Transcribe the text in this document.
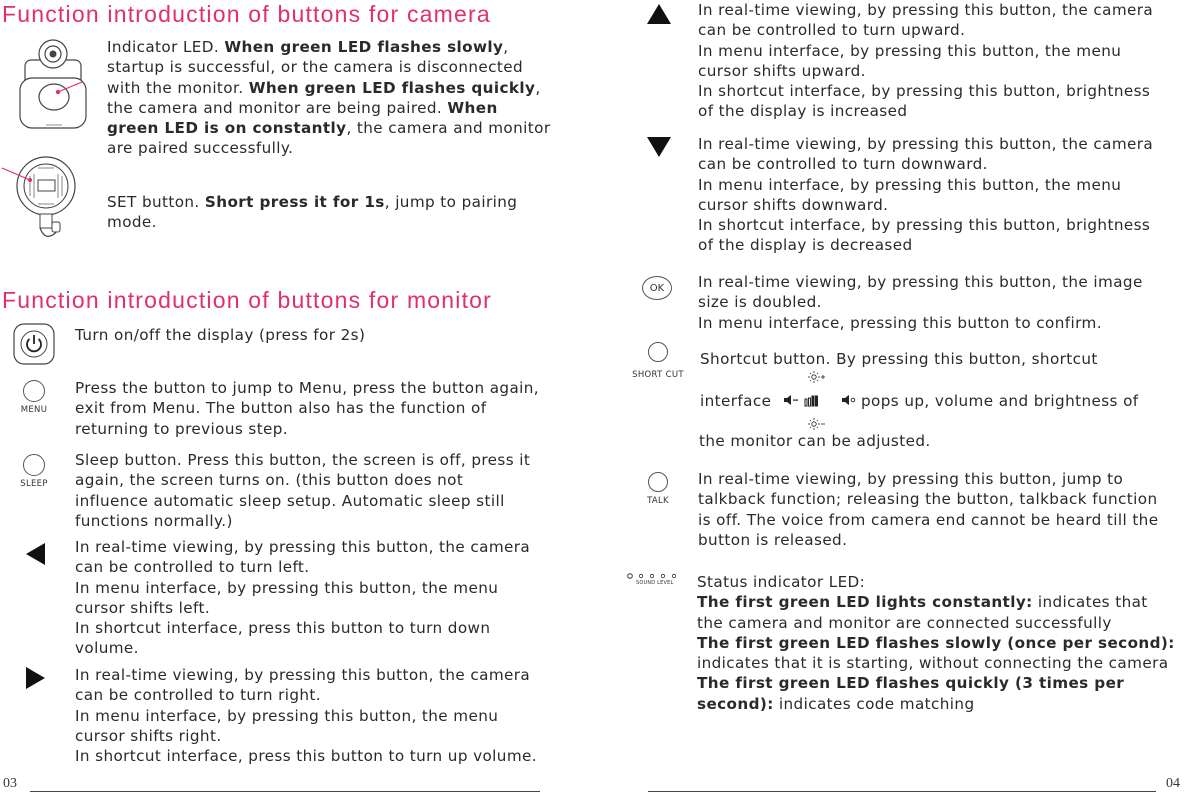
Function introduction of buttons for camera
Indicator LED. When green LED flashes slowly,
startup is successful, or the camera is disconnected
with the monitor. When green LED flashes quickly,
the camera and monitor are being paired. When
green LED is on constantly, the camera and monitor
are paired successfully.
SET button. Short press it for 1s, jump to pairing
mode.
Function introduction of buttons for monitor
Turn on/off the display (press for 2s)
MENU
Press the button to jump to Menu, press the button again,
exit from Menu. The button also has the function of
returning to previous step.
SLEEP
Sleep button. Press this button, the screen is off, press it
again, the screen turns on. (this button does not
influence automatic sleep setup. Automatic sleep still
functions normally.)
In real-time viewing, by pressing this button, the camera
can be controlled to turn left.
In menu interface, by pressing this button, the menu
cursor shifts left.
In shortcut interface, press this button to turn down
volume.
In real-time viewing, by pressing this button, the camera
can be controlled to turn right.
In menu interface, by pressing this button, the menu
cursor shifts right.
In shortcut interface, press this button to turn up volume.
03
In real-time viewing, by pressing this button, the camera
can be controlled to turn upward.
In menu interface, by pressing this button, the menu
cursor shifts upward.
In shortcut interface, by pressing this button, brightness
of the display is increased
In real-time viewing, by pressing this button, the camera
can be controlled to turn downward.
In menu interface, by pressing this button, the menu
cursor shifts downward.
In shortcut interface, by pressing this button, brightness
of the display is decreased
OK	In real-time viewing, by pressing this button, the image
size is doubled.
In menu interface, pressing this button to confirm.
SHORT CUT
Shortcut button. By pressing this button, shortcut
interface	pops up, volume and brightness of
the monitor can be adjusted.
TALK
In real-time viewing, by pressing this button, jump to
talkback function; releasing the button, talkback function
is off. The voice from camera end cannot be heard till the
button is released.
SOUND LEVEL Status indicator LED:
The first green LED lights constantly: indicates that
the camera and monitor are connected successfully
The first green LED flashes slowly (once per second):
indicates that it is starting, without connecting the camera
The first green LED flashes quickly (3 times per
second): indicates code matching
04
